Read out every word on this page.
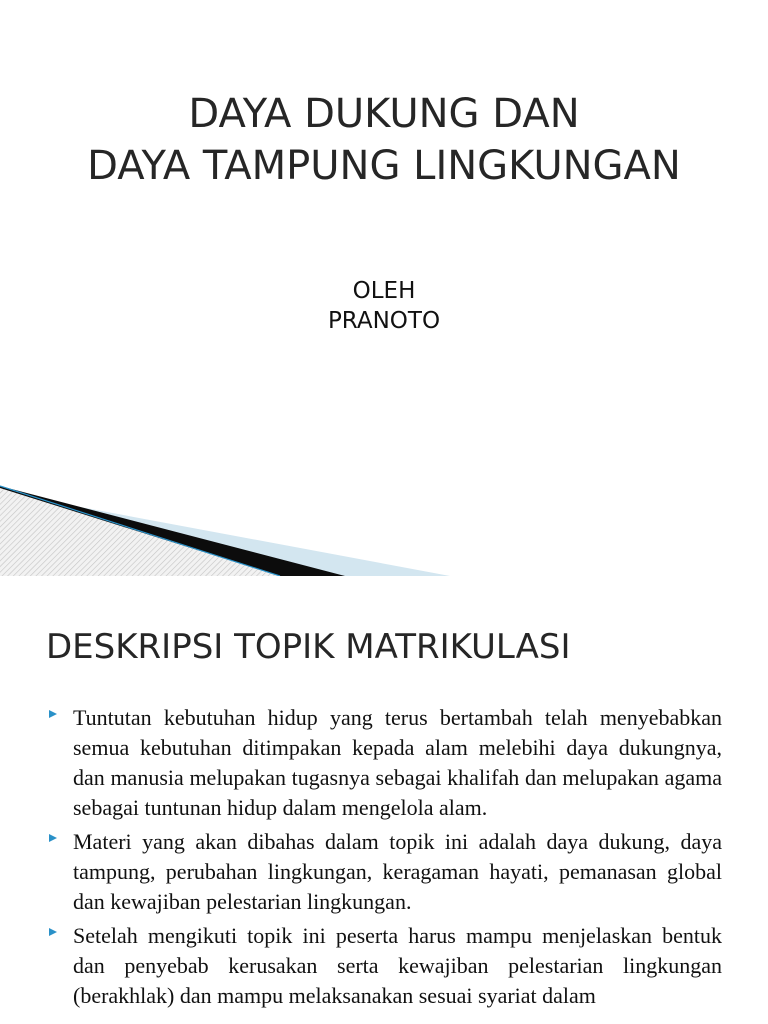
DAYA DUKUNG DAN
DAYA TAMPUNG LINGKUNGAN
OLEH
PRANOTO
DESKRIPSI TOPIK MATRIKULASI
Tuntutan kebutuhan hidup yang terus bertambah telah menyebabkan semua kebutuhan ditimpakan kepada alam melebihi daya dukungnya, dan manusia melupakan tugasnya sebagai khalifah dan melupakan agama sebagai tuntunan hidup dalam mengelola alam.
Materi yang akan dibahas dalam topik ini adalah daya dukung, daya tampung, perubahan lingkungan, keragaman hayati, pemanasan global dan kewajiban pelestarian lingkungan.
Setelah mengikuti topik ini peserta harus mampu menjelaskan bentuk dan penyebab kerusakan serta kewajiban pelestarian lingkungan (berakhlak) dan mampu melaksanakan sesuai syariat dalam
